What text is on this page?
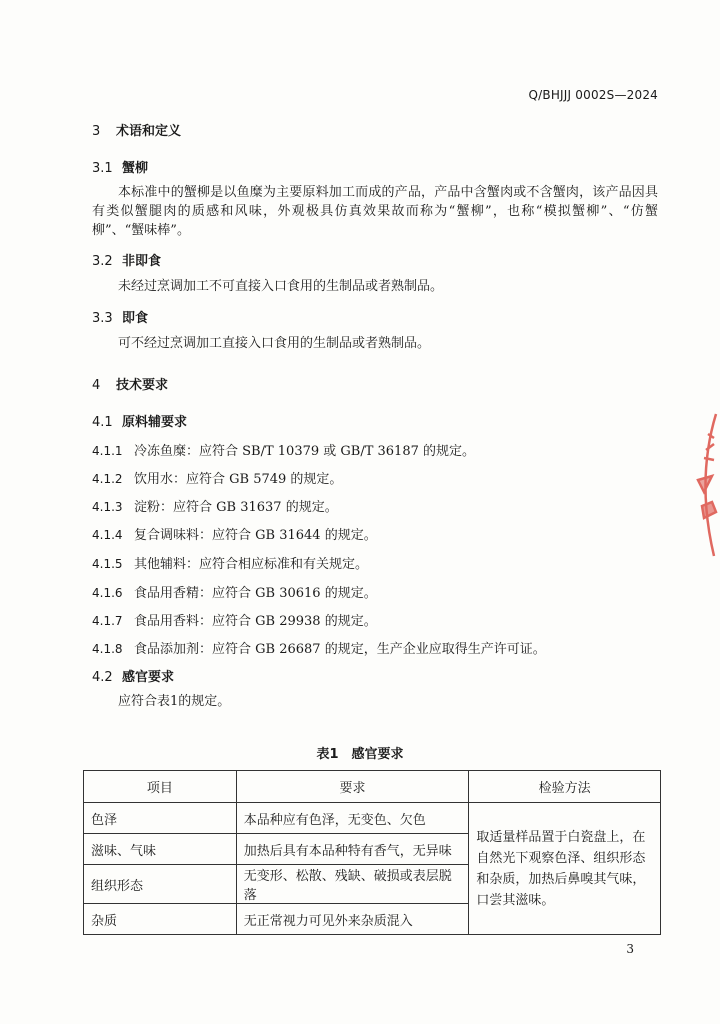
Q/BHJJJ 0002S—2024
3 术语和定义
3.1 蟹柳
本标准中的蟹柳是以鱼糜为主要原料加工而成的产品，产品中含蟹肉或不含蟹肉，该产品因具有类似蟹腿肉的质感和风味，外观极具仿真效果故而称为“蟹柳”，也称“模拟蟹柳”、“仿蟹柳”、“蟹味棒”。
3.2 非即食
未经过烹调加工不可直接入口食用的生制品或者熟制品。
3.3 即食
可不经过烹调加工直接入口食用的生制品或者熟制品。
4 技术要求
4.1 原料辅要求
4.1.1 冷冻鱼糜：应符合 SB/T 10379 或 GB/T 36187 的规定。
4.1.2 饮用水：应符合 GB 5749 的规定。
4.1.3 淀粉：应符合 GB 31637 的规定。
4.1.4 复合调味料：应符合 GB 31644 的规定。
4.1.5 其他辅料：应符合相应标准和有关规定。
4.1.6 食品用香精：应符合 GB 30616 的规定。
4.1.7 食品用香料：应符合 GB 29938 的规定。
4.1.8 食品添加剂：应符合 GB 26687 的规定，生产企业应取得生产许可证。
4.2 感官要求
应符合表1的规定。
表1　感官要求
项目	要求	检验方法
色泽	本品种应有色泽，无变色、欠色	取适量样品置于白瓷盘上，在自然光下观察色泽、组织形态和杂质，加热后鼻嗅其气味，口尝其滋味。
滋味、气味	加热后具有本品种特有香气，无异味	
组织形态	无变形、松散、残缺、破损或表层脱落	
杂质	无正常视力可见外来杂质混入	
3
